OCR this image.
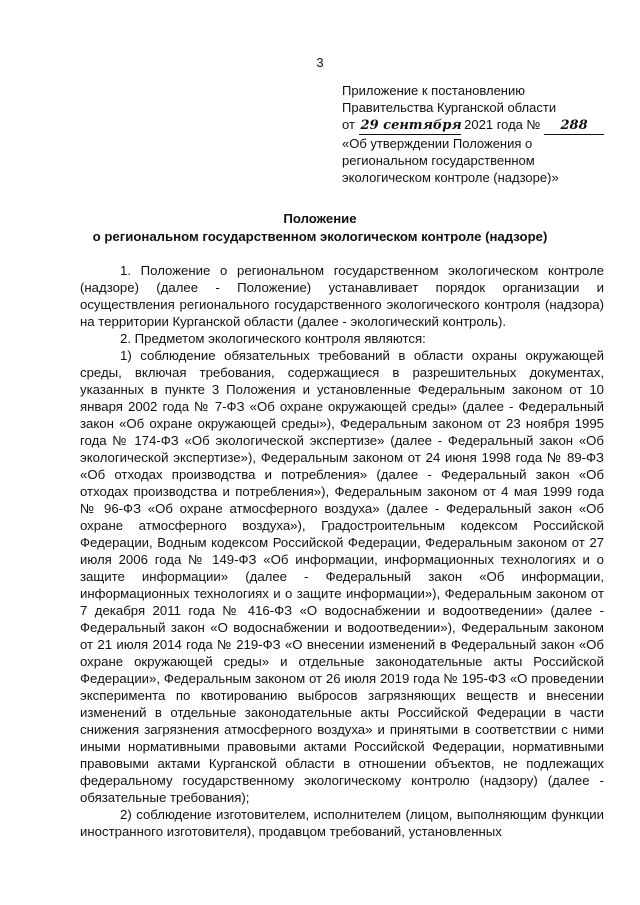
3
Приложение к постановлению
Правительства Курганской области
от 29 сентября 2021 года № 288
«Об утверждении Положения о
региональном государственном
экологическом контроле (надзоре)»
Положение
о региональном государственном экологическом контроле (надзоре)

1. Положение о региональном государственном экологическом контроле (надзоре) (далее - Положение) устанавливает порядок организации и осуществления регионального государственного экологического контроля (надзора) на территории Курганской области (далее - экологический контроль).

2. Предметом экологического контроля являются:

1) соблюдение обязательных требований в области охраны окружающей среды, включая требования, содержащиеся в разрешительных документах, указанных в пункте 3 Положения и установленные Федеральным законом от 10 января 2002 года № 7-ФЗ «Об охране окружающей среды» (далее - Федеральный закон «Об охране окружающей среды»), Федеральным законом от 23 ноября 1995 года № 174-ФЗ «Об экологической экспертизе» (далее - Федеральный закон «Об экологической экспертизе»), Федеральным законом от 24 июня 1998 года № 89-ФЗ «Об отходах производства и потребления» (далее - Федеральный закон «Об отходах производства и потребления»), Федеральным законом от 4 мая 1999 года № 96-ФЗ «Об охране атмосферного воздуха» (далее - Федеральный закон «Об охране атмосферного воздуха»), Градостроительным кодексом Российской Федерации, Водным кодексом Российской Федерации, Федеральным законом от 27 июля 2006 года № 149-ФЗ «Об информации, информационных технологиях и о защите информации» (далее - Федеральный закон «Об информации, информационных технологиях и о защите информации»), Федеральным законом от 7 декабря 2011 года № 416-ФЗ «О водоснабжении и водоотведении» (далее - Федеральный закон «О водоснабжении и водоотведении»), Федеральным законом от 21 июля 2014 года № 219-ФЗ «О внесении изменений в Федеральный закон «Об охране окружающей среды» и отдельные законодательные акты Российской Федерации», Федеральным законом от 26 июля 2019 года № 195-ФЗ «О проведении эксперимента по квотированию выбросов загрязняющих веществ и внесении изменений в отдельные законодательные акты Российской Федерации в части снижения загрязнения атмосферного воздуха» и принятыми в соответствии с ними иными нормативными правовыми актами Российской Федерации, нормативными правовыми актами Курганской области в отношении объектов, не подлежащих федеральному государственному экологическому контролю (надзору) (далее - обязательные требования);

2) соблюдение изготовителем, исполнителем (лицом, выполняющим функции иностранного изготовителя), продавцом требований, установленных
